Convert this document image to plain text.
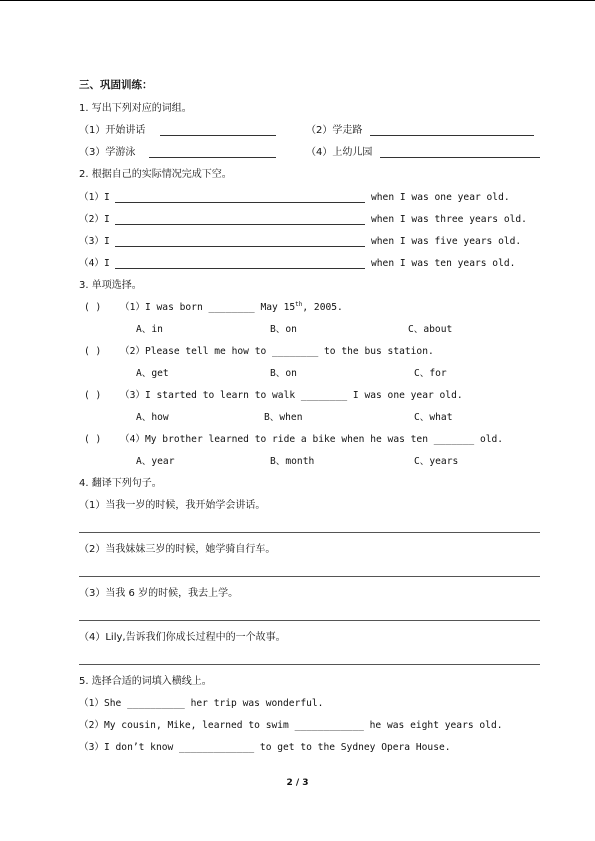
三、巩固训练：
1. 写出下列对应的词组。
（1）开始讲话	（2）学走路
（3）学游泳	（4）上幼儿园
2. 根据自己的实际情况完成下空。
（1）I	when I was one year old.
（2）I	when I was three years old.
（3）I	when I was five years old.
（4）I	when I was ten years old.
3. 单项选择。
( ) （1）I was born ________ May 15th, 2005.
A、in	B、on	C、about
( ) （2）Please tell me how to ________ to the bus station.
A、get	B、on	C、for
( ) （3）I started to learn to walk ________ I was one year old.
A、how	B、when	C、what
( ) （4）My brother learned to ride a bike when he was ten _______ old.
A、year	B、month	C、years
4. 翻译下列句子。
（1）当我一岁的时候，我开始学会讲话。
（2）当我妹妹三岁的时候，她学骑自行车。
（3）当我 6 岁的时候，我去上学。
（4）Lily,告诉我们你成长过程中的一个故事。
5. 选择合适的词填入横线上。
（1）She __________ her trip was wonderful.
（2）My cousin, Mike, learned to swim ____________ he was eight years old.
（3）I don’t know _____________ to get to the Sydney Opera House.
2 / 3
